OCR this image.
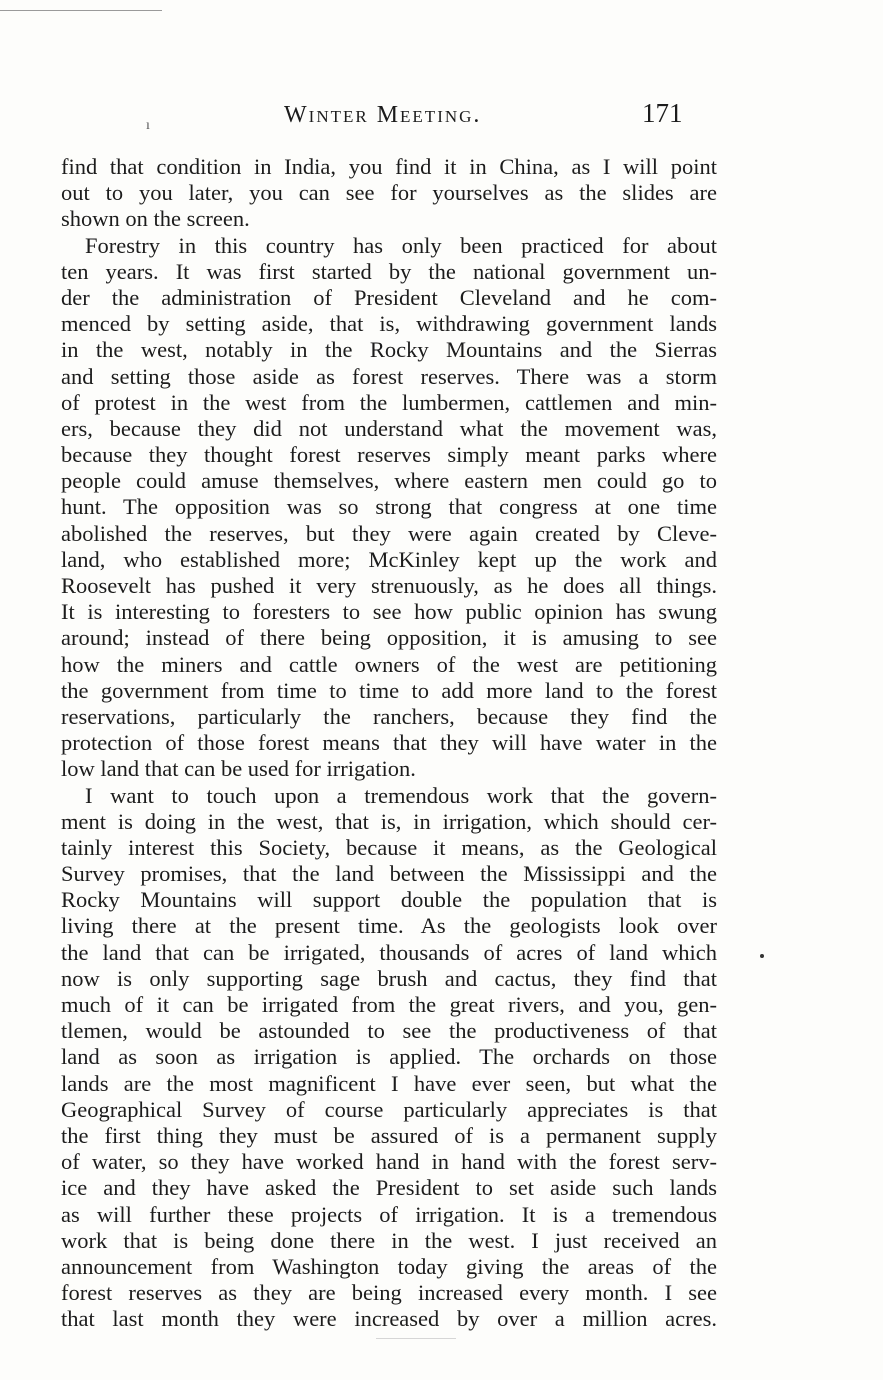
ı	Winter Meeting.	171
find that condition in India, you find it in China, as I will point
out to you later, you can see for yourselves as the slides are
shown on the screen.
Forestry in this country has only been practiced for about
ten years. It was first started by the national government un-
der the administration of President Cleveland and he com-
menced by setting aside, that is, withdrawing government lands
in the west, notably in the Rocky Mountains and the Sierras
and setting those aside as forest reserves. There was a storm
of protest in the west from the lumbermen, cattlemen and min-
ers, because they did not understand what the movement was,
because they thought forest reserves simply meant parks where
people could amuse themselves, where eastern men could go to
hunt. The opposition was so strong that congress at one time
abolished the reserves, but they were again created by Cleve-
land, who established more; McKinley kept up the work and
Roosevelt has pushed it very strenuously, as he does all things.
It is interesting to foresters to see how public opinion has swung
around; instead of there being opposition, it is amusing to see
how the miners and cattle owners of the west are petitioning
the government from time to time to add more land to the forest
reservations, particularly the ranchers, because they find the
protection of those forest means that they will have water in the
low land that can be used for irrigation.
I want to touch upon a tremendous work that the govern-
ment is doing in the west, that is, in irrigation, which should cer-
tainly interest this Society, because it means, as the Geological
Survey promises, that the land between the Mississippi and the
Rocky Mountains will support double the population that is
living there at the present time. As the geologists look over
the land that can be irrigated, thousands of acres of land which
now is only supporting sage brush and cactus, they find that
much of it can be irrigated from the great rivers, and you, gen-
tlemen, would be astounded to see the productiveness of that
land as soon as irrigation is applied. The orchards on those
lands are the most magnificent I have ever seen, but what the
Geographical Survey of course particularly appreciates is that
the first thing they must be assured of is a permanent supply
of water, so they have worked hand in hand with the forest serv-
ice and they have asked the President to set aside such lands
as will further these projects of irrigation. It is a tremendous
work that is being done there in the west. I just received an
announcement from Washington today giving the areas of the
forest reserves as they are being increased every month. I see
that last month they were increased by over a million acres.
